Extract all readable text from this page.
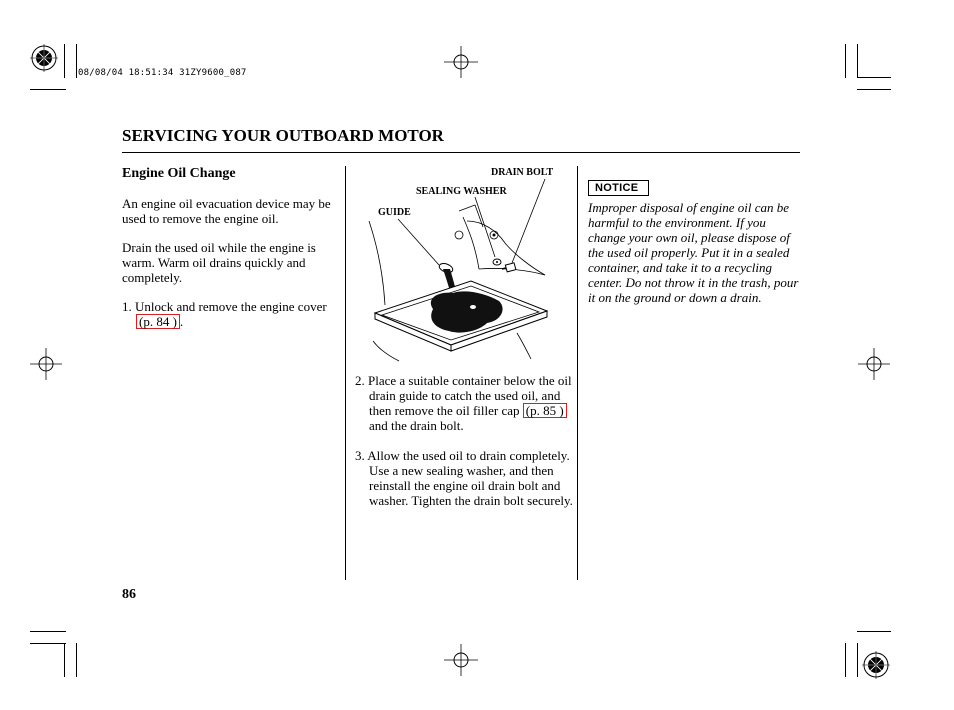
08/08/04 18:51:34 31ZY9600_087
SERVICING YOUR OUTBOARD MOTOR
Engine Oil Change

An engine oil evacuation device may be used to remove the engine oil.

Drain the used oil while the engine is warm. Warm oil drains quickly and completely.

1. Unlock and remove the engine cover (p. 84 ) .
DRAIN BOLT
SEALING WASHER
GUIDE
2. Place a suitable container below the oil drain guide to catch the used oil, and then remove the oil filler cap (p. 85 ) and the drain bolt.
3. Allow the used oil to drain completely. Use a new sealing washer, and then reinstall the engine oil drain bolt and washer. Tighten the drain bolt securely.
NOTICE

Improper disposal of engine oil can be harmful to the environment. If you change your own oil, please dispose of the used oil properly. Put it in a sealed container, and take it to a recycling center. Do not throw it in the trash, pour it on the ground or down a drain.

86
